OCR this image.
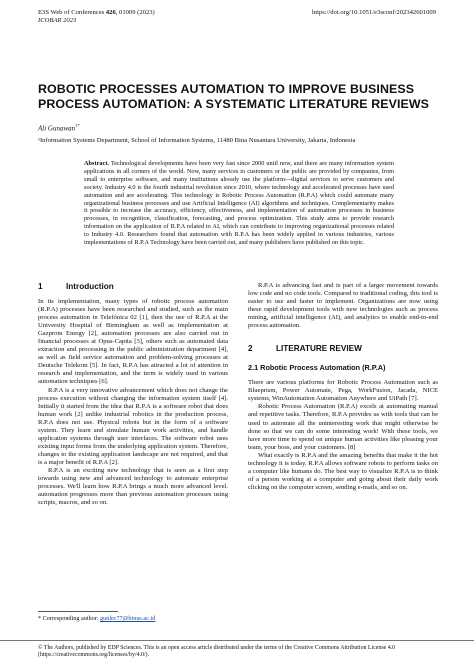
E3S Web of Conferences 426, 01009 (2023)
ICOBAR 2023
https://doi.org/10.1051/e3sconf/202342601009
ROBOTIC PROCESSES AUTOMATION TO IMPROVE BUSINESS PROCESS AUTOMATION: A SYSTEMATIC LITERATURE REVIEWS
Ali Gunawan$^{1*}$
¹Information Systems Department, School of Information Systems, 11480 Bina Nusantara University, Jakarta, Indonesia
Abstract. Technological developments have been very fast since 2000 until now, and there are many information system applications in all corners of the world. Now, many services to customers or the public are provided by companies, from small to enterprise software, and many institutions already use the platform—digital services to serve customers and society. Industry 4.0 is the fourth industrial revolution since 2010, where technology and accelerated processes have used automation and are accelerating. This technology is Robotic Process Automation (R.P.A) which could automate many organizational business processes and use Artificial Intelligence (AI) algorithms and techniques. Complementarity makes it possible to increase the accuracy, efficiency, effectiveness, and implementation of automation processes in business processes, in recognition, classification, forecasting, and process optimization. This study aims to provide research information on the application of R.P.A related to AI, which can contribute to improving organizational processes related to Industry 4.0. Researchers found that automation with R.P.A has been widely applied in various industries, various implementations of R.P.A Technology have been carried out, and many publishers have published on this topic.
1	Introduction

In its implementation, many types of robotic process automation (R.P.A) processes have been researched and studied, such as the main process automation in Telefónica 02 [1], then the use of R.P.A at the University Hospital of Birmingham as well as implementation at Gazprom Energy [2], automation processes are also carried out in financial processes at Opus-Capita [3], others such as automated data extraction and processing in the public administration department [4], as well as field service automation and problem-solving processes at Deutsche Telekom [5]. In fact, R.P.A has attracted a lot of attention in research and implementation, and the term is widely used in various automation techniques [6].

R.P.A is a very innovative advancement which does not change the process execution without changing the information system itself [4]. Initially it started from the idea that R.P.A is a software robot that does human work [2] unlike industrial robotics in the production process, R.P.A does not use. Physical robots but in the form of a software system. They learn and simulate human work activities, and handle application systems through user interfaces. The software robot uses existing input forms from the underlying application system. Therefore, changes to the existing application landscape are not required, and that is a major benefit of R.P.A [2].

R.P.A is an exciting new technology that is seen as a first step towards using new and advanced technology to automate enterprise processes. We'll learn how R.P.A brings a much more advanced level. automation progresses more than previous automation processes using scripts, macros, and so on.

R.P.A is advancing fast and is part of a larger movement towards low code and no code tools. Compared to traditional coding, this tool is easier to use and faster to implement. Organizations are now using these rapid development tools with new technologies such as process mining, artificial intelligence (AI), and analytics to enable end-to-end process automation.

2	LITERATURE REVIEW
2.1 Robotic Process Automation (R.P.A)

There are various platforms for Robotic Process Automation such as Blueprism, Power Automate, Pega, WorkFusion, Jacada, NICE systems, WinAutomation Automation Anywhere and UiPath [7].

Robotic Process Automation (R.P.A) excels at automating manual and repetitive tasks. Therefore, R.P.A provides us with tools that can be used to automate all the uninteresting work that might otherwise be done so that we can do some interesting work! With these tools, we have more time to spend on unique human activities like pleasing your team, your boss, and your customers. [8]

What exactly is R.P.A and the amazing benefits that make it the hot technology it is today. R.P.A allows software robots to perform tasks on a computer like humans do. The best way to visualize R.P.A is to think of a person working at a computer and going about their daily work clicking on the computer screen, sending e-mails, and so on.

* Corresponding author: gunlec77@binus.ac.id
© The Authors, published by EDP Sciences. This is an open access article distributed under the terms of the Creative Commons Attribution License 4.0
(https://creativecommons.org/licenses/by/4.0/).
